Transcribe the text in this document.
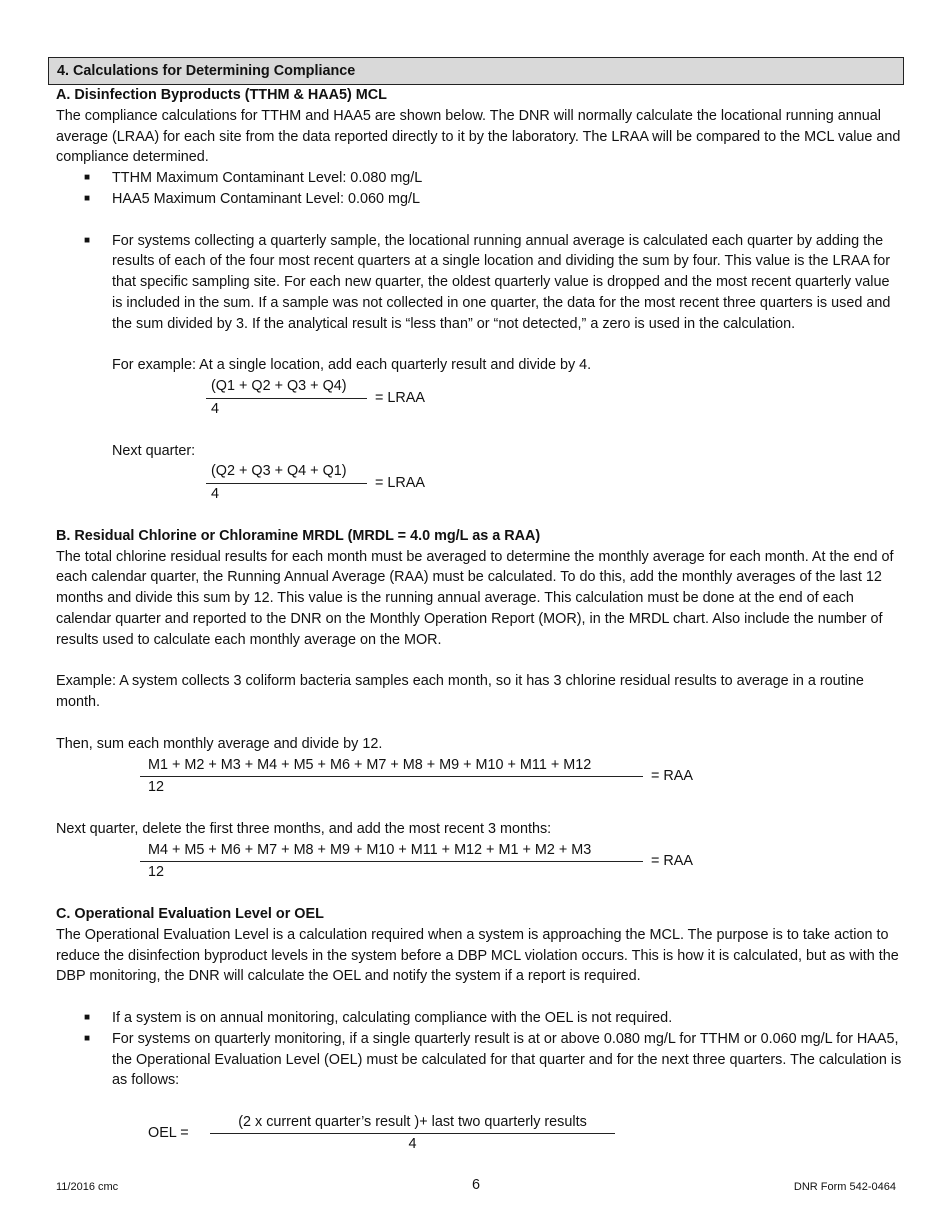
4. Calculations for Determining Compliance
A. Disinfection Byproducts (TTHM & HAA5) MCL

The compliance calculations for TTHM and HAA5 are shown below. The DNR will normally calculate the locational running annual average (LRAA) for each site from the data reported directly to it by the laboratory. The LRAA will be compared to the MCL value and compliance determined.

■ TTHM Maximum Contaminant Level: 0.080 mg/L
■ HAA5 Maximum Contaminant Level: 0.060 mg/L
■ For systems collecting a quarterly sample, the locational running annual average is calculated each quarter by adding the results of each of the four most recent quarters at a single location and dividing the sum by four. This value is the LRAA for that specific sampling site. For each new quarter, the oldest quarterly value is dropped and the most recent quarterly value is included in the sum. If a sample was not collected in one quarter, the data for the most recent three quarters is used and the sum divided by 3. If the analytical result is “less than” or “not detected,” a zero is used in the calculation.

For example: At a single location, add each quarterly result and divide by 4.

$\frac{(Q1 + Q2 + Q3 + Q4)}{4}$ = LRAA

Next quarter:

$\frac{(Q2 + Q3 + Q4 + Q1)}{4}$ = LRAA
B. Residual Chlorine or Chloramine MRDL (MRDL = 4.0 mg/L as a RAA)

The total chlorine residual results for each month must be averaged to determine the monthly average for each month. At the end of each calendar quarter, the Running Annual Average (RAA) must be calculated. To do this, add the monthly averages of the last 12 months and divide this sum by 12. This value is the running annual average. This calculation must be done at the end of each calendar quarter and reported to the DNR on the Monthly Operation Report (MOR), in the MRDL chart. Also include the number of results used to calculate each monthly average on the MOR.

Example: A system collects 3 coliform bacteria samples each month, so it has 3 chlorine residual results to average in a routine month.

Then, sum each monthly average and divide by 12.

$\frac{M1 + M2 + M3 + M4 + M5 + M6 + M7 + M8 + M9 + M10 + M11 + M12}{12}$ = RAA

Next quarter, delete the first three months, and add the most recent 3 months:

$\frac{M4 + M5 + M6 + M7 + M8 + M9 + M10 + M11 + M12 + M1 + M2 + M3}{12}$ = RAA
C. Operational Evaluation Level or OEL

The Operational Evaluation Level is a calculation required when a system is approaching the MCL. The purpose is to take action to reduce the disinfection byproduct levels in the system before a DBP MCL violation occurs. This is how it is calculated, but as with the DBP monitoring, the DNR will calculate the OEL and notify the system if a report is required.

■ If a system is on annual monitoring, calculating compliance with the OEL is not required.
■ For systems on quarterly monitoring, if a single quarterly result is at or above 0.080 mg/L for TTHM or 0.060 mg/L for HAA5, the Operational Evaluation Level (OEL) must be calculated for that quarter and for the next three quarters. The calculation is as follows:
OEL =	$\frac{\text{(2 x current quarter’s result )+ last two quarterly results}}{4}$
11/2016 cmc	6	DNR Form 542-0464
